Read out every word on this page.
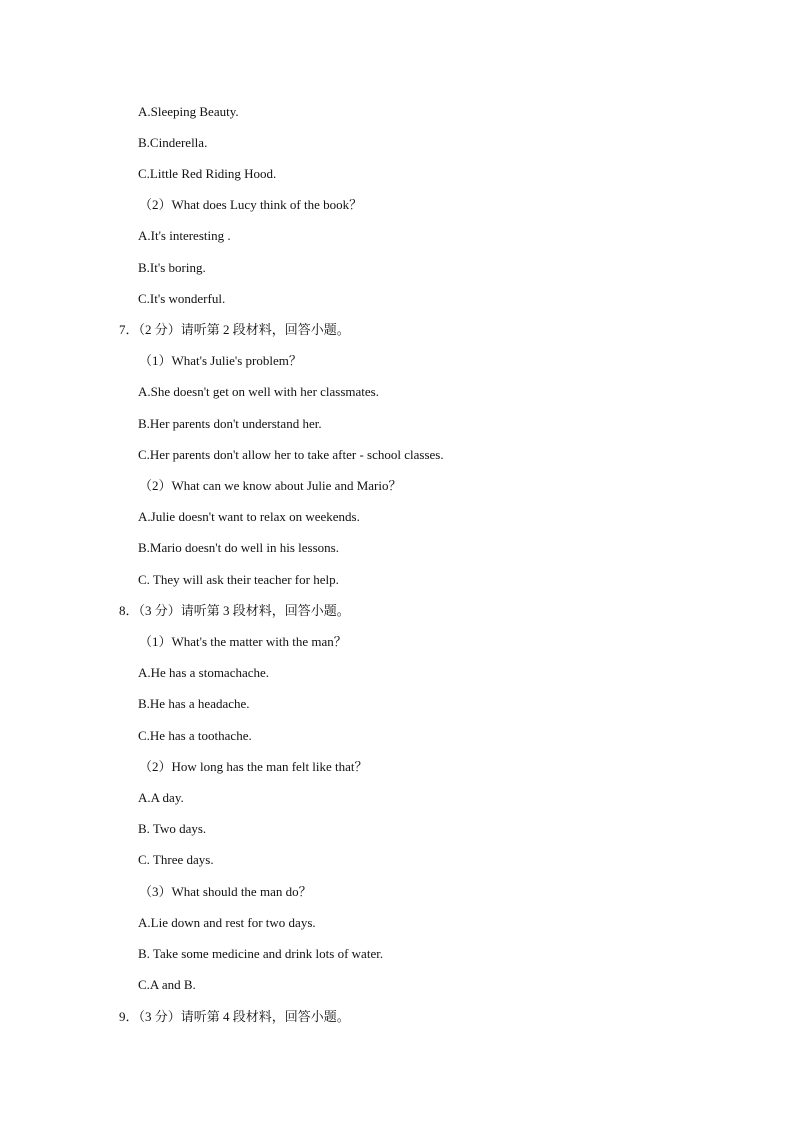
A.Sleeping Beauty.
B.Cinderella.
C.Little Red Riding Hood.
（2）What does Lucy think of the book？
A.It's interesting .
B.It's boring.
C.It's wonderful.
7．（2 分）请听第 2 段材料，回答小题。
（1）What's Julie's problem？
A.She doesn't get on well with her classmates.
B.Her parents don't understand her.
C.Her parents don't allow her to take after - school classes.
（2）What can we know about Julie and Mario？
A.Julie doesn't want to relax on weekends.
B.Mario doesn't do well in his lessons.
C. They will ask their teacher for help.
8．（3 分）请听第 3 段材料，回答小题。
（1）What's the matter with the man？
A.He has a stomachache.
B.He has a headache.
C.He has a toothache.
（2）How long has the man felt like that？
A.A day.
B. Two days.
C. Three days.
（3）What should the man do？
A.Lie down and rest for two days.
B. Take some medicine and drink lots of water.
C.A and B.
9．（3 分）请听第 4 段材料，回答小题。
